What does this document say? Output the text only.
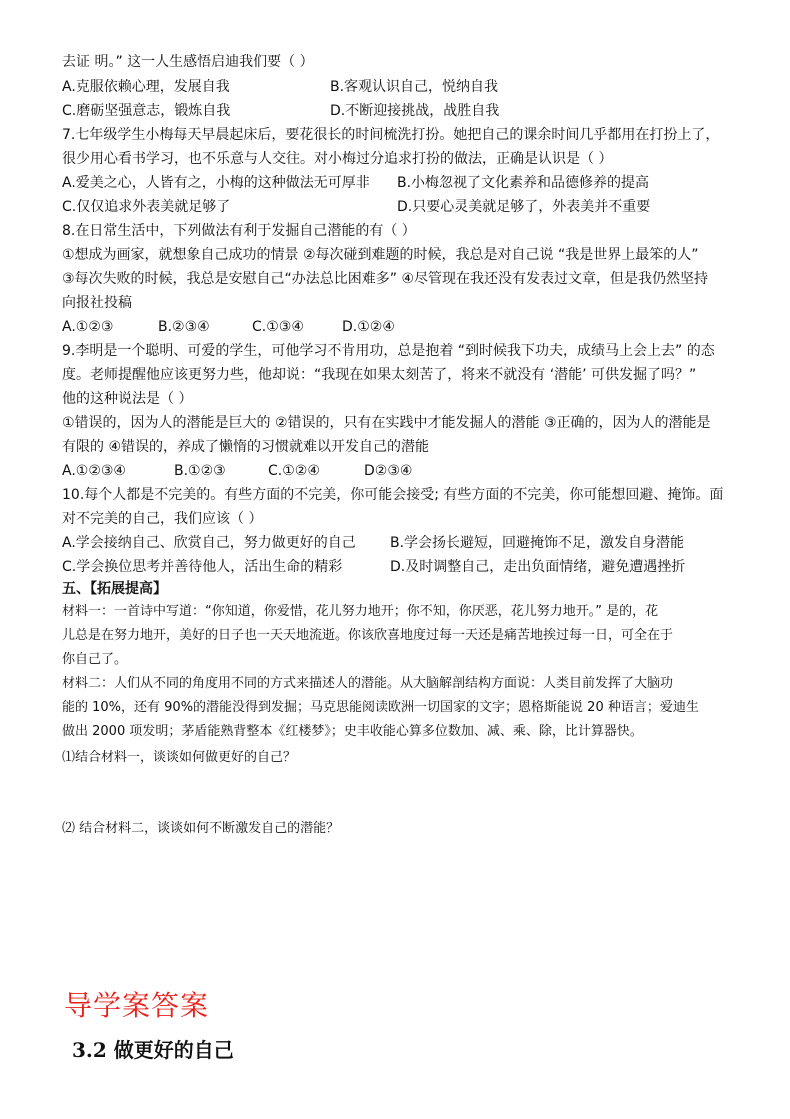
去证 明。” 这一人生感悟启迪我们要（ ）
A.克服依赖心理，发展自我	B.客观认识自己，悦纳自我
C.磨砺坚强意志，锻炼自我	D.不断迎接挑战，战胜自我
7.七年级学生小梅每天早晨起床后，要花很长的时间梳洗打扮。她把自己的课余时间几乎都用在打扮上了，
很少用心看书学习，也不乐意与人交往。对小梅过分追求打扮的做法，正确是认识是（ ）
A.爱美之心，人皆有之，小梅的这种做法无可厚非 B.小梅忽视了文化素养和品德修养的提高
C.仅仅追求外表美就足够了	D.只要心灵美就足够了，外表美并不重要
8.在日常生活中，下列做法有利于发掘自己潜能的有（ ）
①想成为画家，就想象自己成功的情景 ②每次碰到难题的时候，我总是对自己说 “我是世界上最笨的人”
③每次失败的时候，我总是安慰自己“办法总比困难多” ④尽管现在我还没有发表过文章，但是我仍然坚持
向报社投稿
A.①②③	B.②③④	C.①③④	D.①②④
9.李明是一个聪明、可爱的学生，可他学习不肯用功，总是抱着 “到时候我下功夫，成绩马上会上去” 的态
度。老师提醒他应该更努力些，他却说：“我现在如果太刻苦了，将来不就没有 ‘潜能’ 可供发掘了吗？”
他的这种说法是（ ）
①错误的，因为人的潜能是巨大的 ②错误的，只有在实践中才能发掘人的潜能 ③正确的，因为人的潜能是
有限的 ④错误的，养成了懒惰的习惯就难以开发自己的潜能
A.①②③④	B.①②③	C.①②④	D②③④
10.每个人都是不完美的。有些方面的不完美，你可能会接受; 有些方面的不完美，你可能想回避、掩饰。面
对不完美的自己，我们应该（ ）
A.学会接纳自己、欣赏自己，努力做更好的自己 B.学会扬长避短，回避掩饰不足，激发自身潜能
C.学会换位思考并善待他人，活出生命的精彩	D.及时调整自己，走出负面情绪，避免遭遇挫折
五、【拓展提高】
材料一：一首诗中写道：“你知道，你爱惜，花儿努力地开；你不知，你厌恶，花儿努力地开。” 是的，花
儿总是在努力地开，美好的日子也一天天地流逝。你该欣喜地度过每一天还是痛苦地挨过每一日，可全在于
你自己了。
材料二：人们从不同的角度用不同的方式来描述人的潜能。从大脑解剖结构方面说：人类目前发挥了大脑功
能的 10%，还有 90%的潜能没得到发掘；马克思能阅读欧洲一切国家的文字；恩格斯能说 20 种语言；爱迪生
做出 2000 项发明；茅盾能熟背整本《红楼梦》；史丰收能心算多位数加、减、乘、除，比计算器快。
⑴结合材料一，谈谈如何做更好的自己？
⑵ 结合材料二，谈谈如何不断激发自己的潜能？
导学案答案
3.2 做更好的自己
